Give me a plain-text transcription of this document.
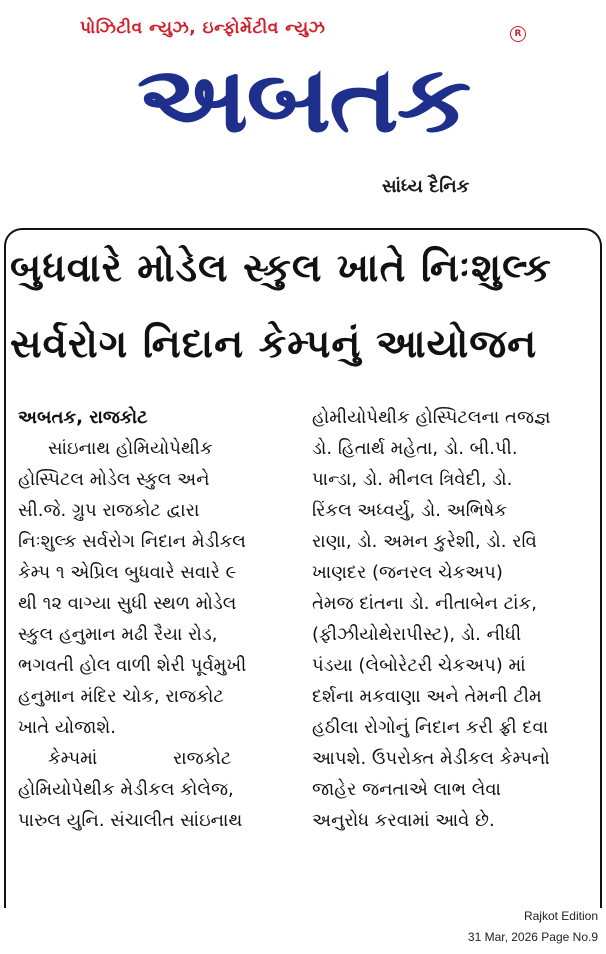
પોઝિટીવ ન્યુઝ, ઇન્ફોર્મેટીવ ન્યુઝ	R
અબતક
સાંધ્ય દૈનિક
બુધવારે મોડેલ સ્કુલ ખાતે નિઃશુલ્ક
સર્વરોગ નિદાન કેમ્પનું આયોજન
અબતક, રાજકોટ
સાંઇનાથ હોમિયોપેથીક
હોસ્પિટલ મોડેલ સ્કુલ અને
સી.જે. ગ્રુપ રાજકોટ દ્વારા
નિઃશુલ્ક સર્વરોગ નિદાન મેડીકલ
કેમ્પ ૧ એપ્રિલ બુધવારે સવારે ૯
થી ૧૨ વાગ્યા સુધી સ્થળ મોડેલ
સ્કુલ હનુમાન મઢી રૈયા રોડ,
ભગવતી હોલ વાળી શેરી પૂર્વમુખી
હનુમાન મંદિર ચોક, રાજકોટ
ખાતે યોજાશે.
કેમ્પમાં રાજકોટ
હોમિયોપેથીક મેડીકલ કોલેજ,
પારુલ યુનિ. સંચાલીત સાંઇનાથ
હોમીયોપેથીક હોસ્પિટલના તજજ્ઞ
ડો. હિતાર્થ મહેતા, ડો. બી.પી.
પાન્ડા, ડો. મીનલ ત્રિવેદી, ડો.
રિંકલ અધ્વર્યુ, ડો. અભિષેક
રાણા, ડો. અમન કુરેશી, ડો. રવિ
ખાણદર (જનરલ ચેકઅપ)
તેમજ દાંતના ડો. નીતાબેન ટાંક,
(ફીઝીયોથેરાપીસ્ટ), ડો. નીધી
પંડયા (લેબોરેટરી ચેકઅપ) માં
દર્શના મકવાણા અને તેમની ટીમ
હઠીલા રોગોનું નિદાન કરી ફ્રી દવા
આપશે. ઉપરોક્ત મેડીકલ કેમ્પનો
જાહેર જનતાએ લાભ લેવા
અનુરોધ કરવામાં આવે છે.
Rajkot Edition
31 Mar, 2026 Page No.9
